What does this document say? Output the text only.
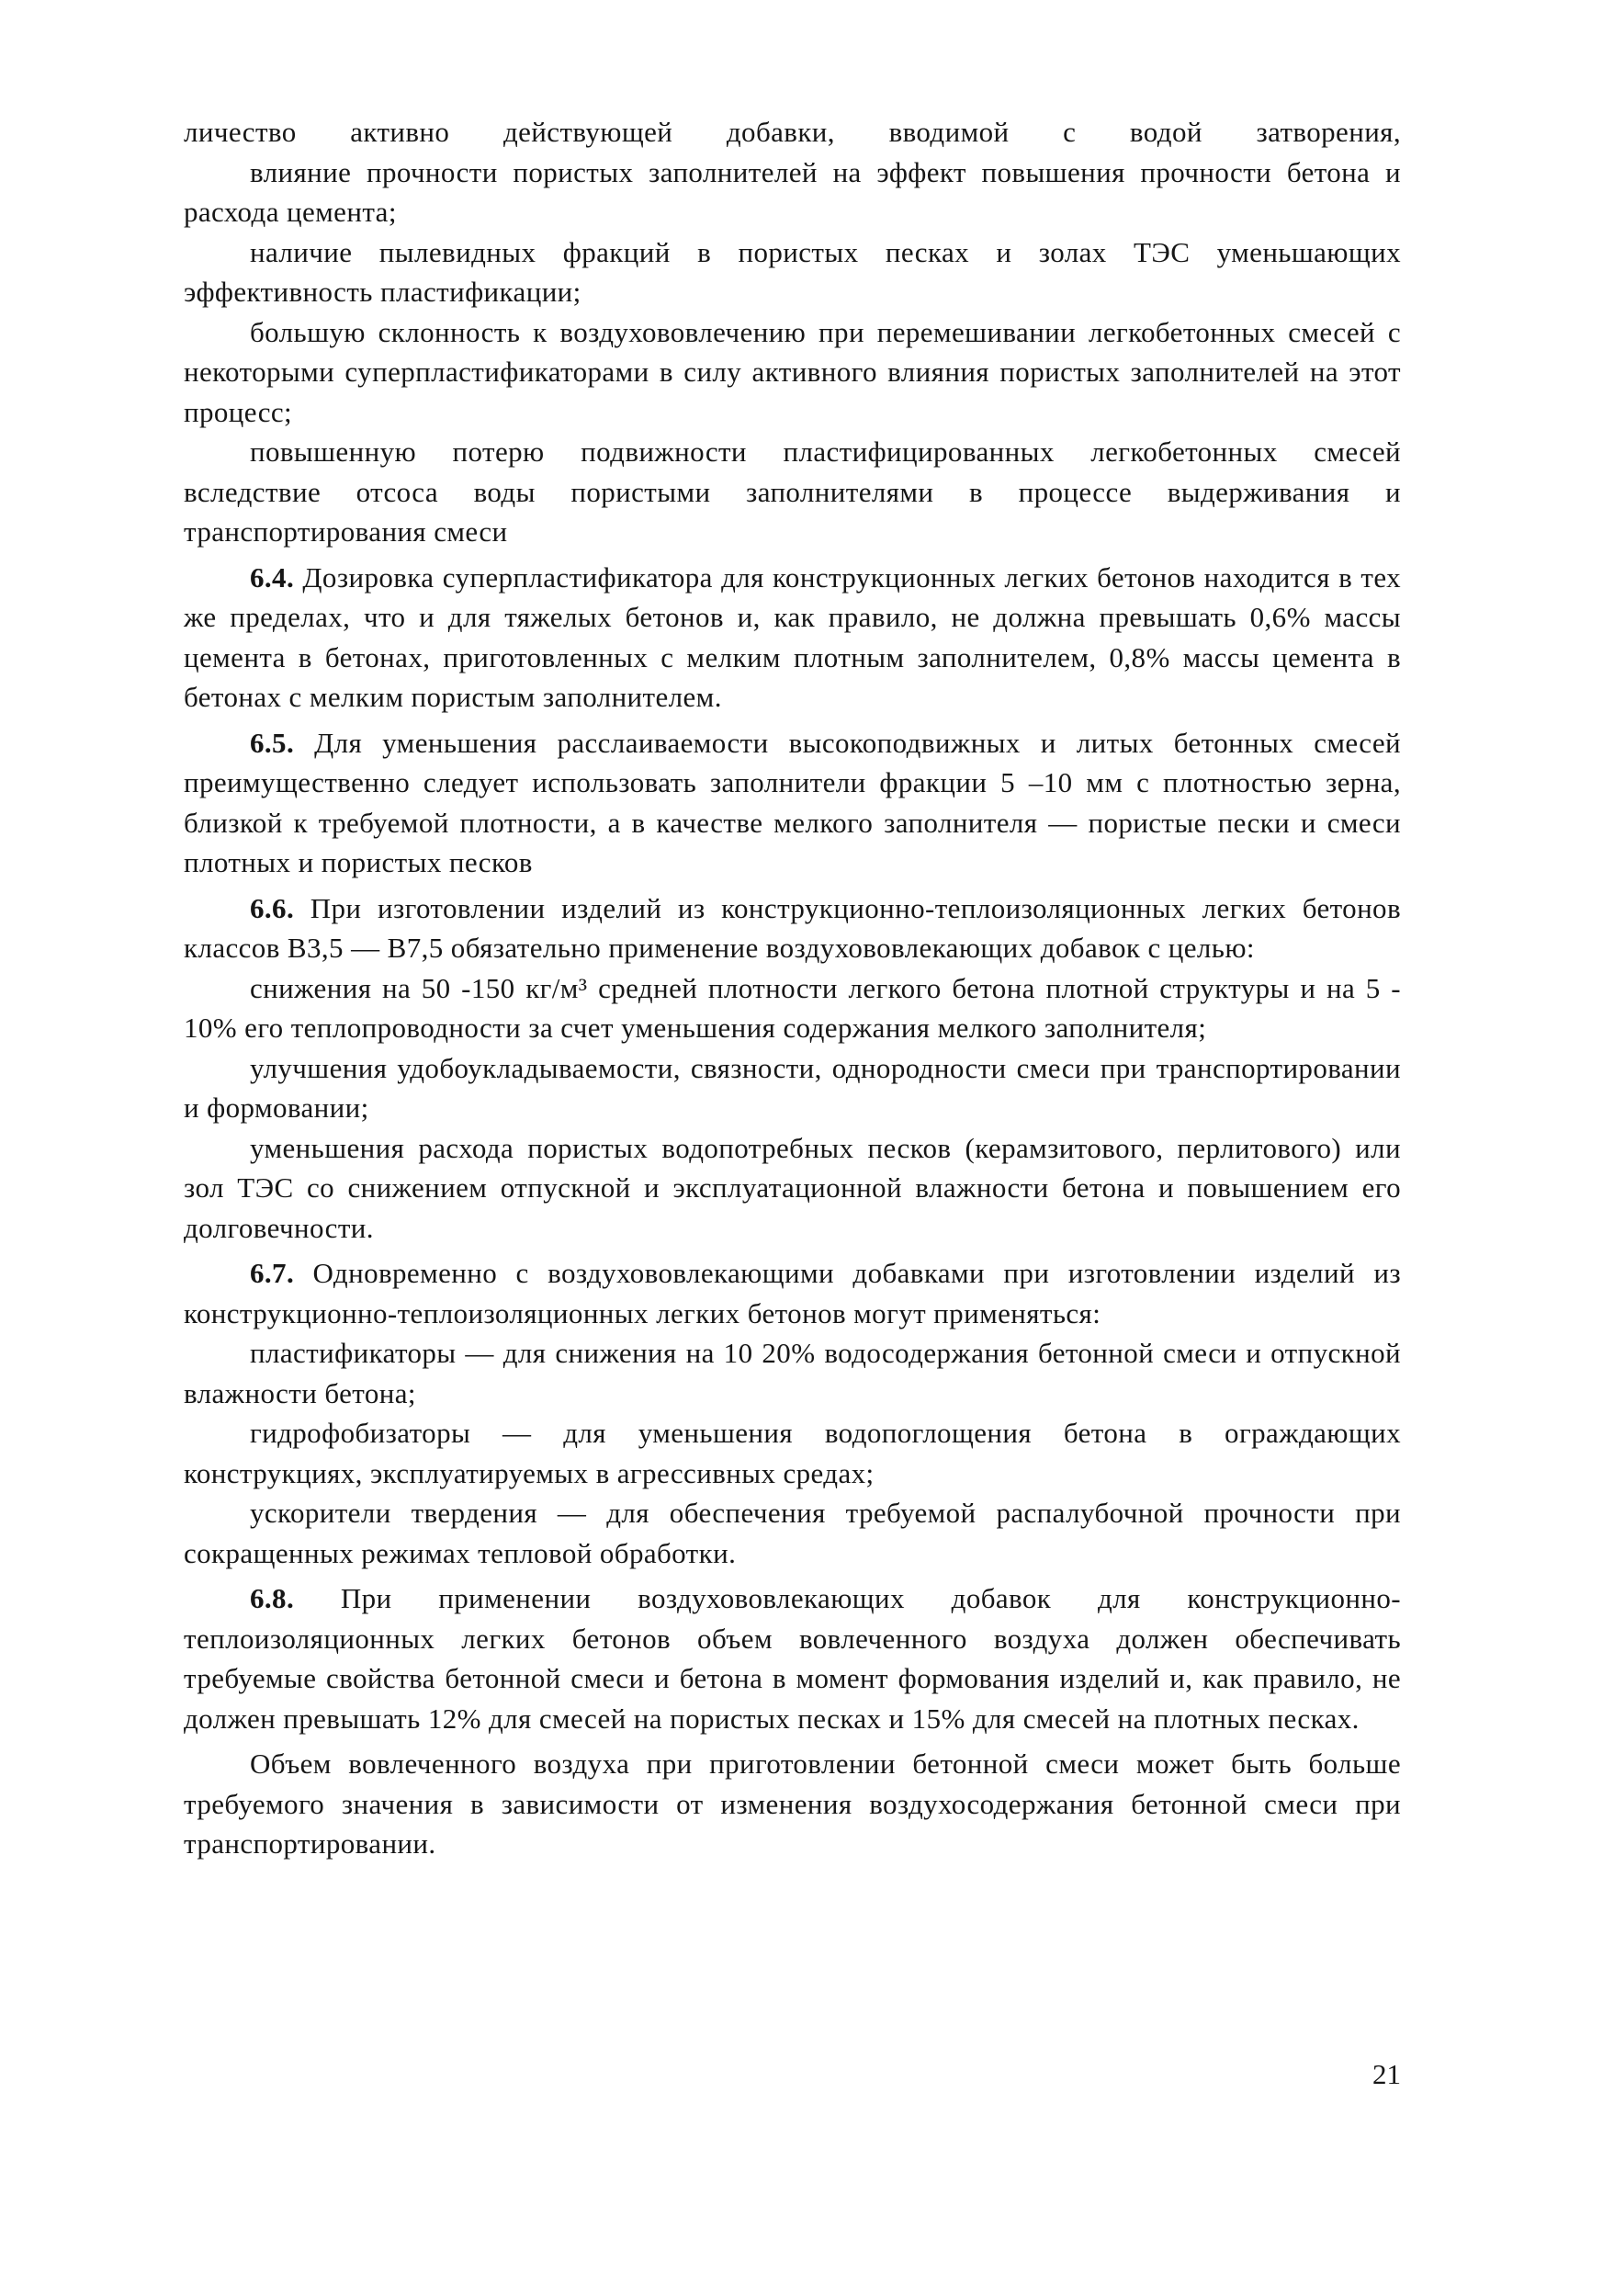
личество активно действующей добавки, вводимой с водой затворения,

влияние прочности пористых заполнителей на эффект повышения прочности бетона и расхода цемента;

наличие пылевидных фракций в пористых песках и золах ТЭС уменьшающих эффективность пластификации;

большую склонность к воздухововлечению при перемешивании легкобетонных смесей с некоторыми суперпластификаторами в силу активного влияния пористых заполнителей на этот процесс;

повышенную потерю подвижности пластифицированных легкобетонных смесей вследствие отсоса воды пористыми заполнителями в процессе выдерживания и транспортирования смеси

6.4. Дозировка суперпластификатора для конструкционных легких бетонов находится в тех же пределах, что и для тяжелых бетонов и, как правило, не должна превышать 0,6% массы цемента в бетонах, приготовленных с мелким плотным заполнителем, 0,8% массы цемента в бетонах с мелким пористым заполнителем.

6.5. Для уменьшения расслаиваемости высокоподвижных и литых бетонных смесей преимущественно следует использовать заполнители фракции 5 –10 мм с плотностью зерна, близкой к требуемой плотности, а в качестве мелкого заполнителя — пористые пески и смеси плотных и пористых песков

6.6. При изготовлении изделий из конструкционно-теплоизоляционных легких бетонов классов В3,5 — В7,5 обязательно применение воздухововлекающих добавок с целью:

снижения на 50 -150 кг/м³ средней плотности легкого бетона плотной структуры и на 5 - 10% его теплопроводности за счет уменьшения содержания мелкого заполнителя;

улучшения удобоукладываемости, связности, однородности смеси при транспортировании и формовании;

уменьшения расхода пористых водопотребных песков (керамзитового, перлитового) или зол ТЭС со снижением отпускной и эксплуатационной влажности бетона и повышением его долговечности.

6.7. Одновременно с воздухововлекающими добавками при изготовлении изделий из конструкционно-теплоизоляционных легких бетонов могут применяться:

пластификаторы — для снижения на 10 20% водосодержания бетонной смеси и отпускной влажности бетона;

гидрофобизаторы — для уменьшения водопоглощения бетона в ограждающих конструкциях, эксплуатируемых в агрессивных средах;

ускорители твердения — для обеспечения требуемой распалубочной прочности при сокращенных режимах тепловой обработки.

6.8. При применении воздухововлекающих добавок для конструкционно-теплоизоляционных легких бетонов объем вовлеченного воздуха должен обеспечивать требуемые свойства бетонной смеси и бетона в момент формования изделий и, как правило, не должен превышать 12% для смесей на пористых песках и 15% для смесей на плотных песках.

Объем вовлеченного воздуха при приготовлении бетонной смеси может быть больше требуемого значения в зависимости от изменения воздухосодержания бетонной смеси при транспортировании.

21
